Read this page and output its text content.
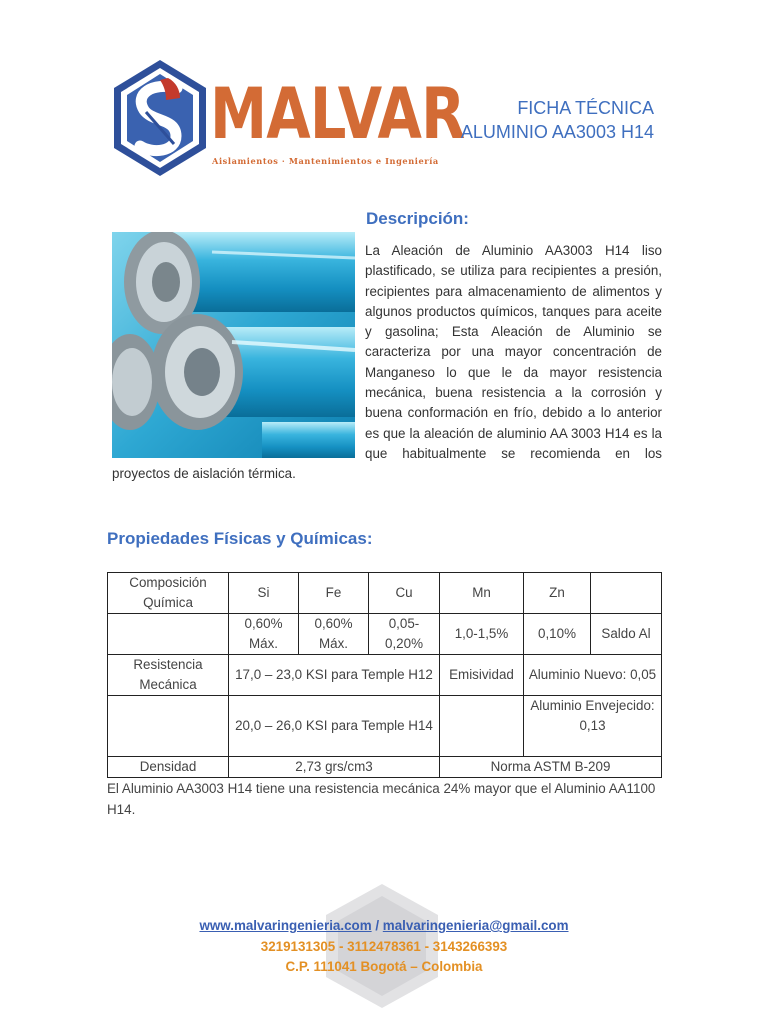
MALVAR
Aislamientos · Mantenimientos e Ingeniería
FICHA TÉCNICA
ALUMINIO AA3003 H14
Descripción:
La Aleación de Aluminio AA3003 H14 liso plastificado, se utiliza para recipientes a presión, recipientes para almacenamiento de alimentos y algunos productos químicos, tanques para aceite y gasolina; Esta Aleación de Aluminio se caracteriza por una mayor concentración de Manganeso lo que le da mayor resistencia mecánica, buena resistencia a la corrosión y buena conformación en frío, debido a lo anterior es que la aleación de aluminio AA 3003 H14 es la que habitualmente se recomienda en los proyectos de aislación térmica.
Propiedades Físicas y Químicas:
Composición Química	Si	Fe	Cu	Mn	Zn	
	0,60% Máx.	0,60% Máx.	0,05-0,20%	1,0-1,5%	0,10%	Saldo Al
Resistencia Mecánica	17,0 – 23,0 KSI para Temple H12			Emisividad	Aluminio Nuevo: 0,05	
	20,0 – 26,0 KSI para Temple H14				Aluminio Envejecido: 0,13	
Densidad	2,73 grs/cm3			Norma ASTM B-209		
El Aluminio AA3003 H14 tiene una resistencia mecánica 24% mayor que el Aluminio AA1100 H14.
www.malvaringenieria.com / malvaringenieria@gmail.com
3219131305 - 3112478361 - 3143266393
C.P. 111041 Bogotá – Colombia
